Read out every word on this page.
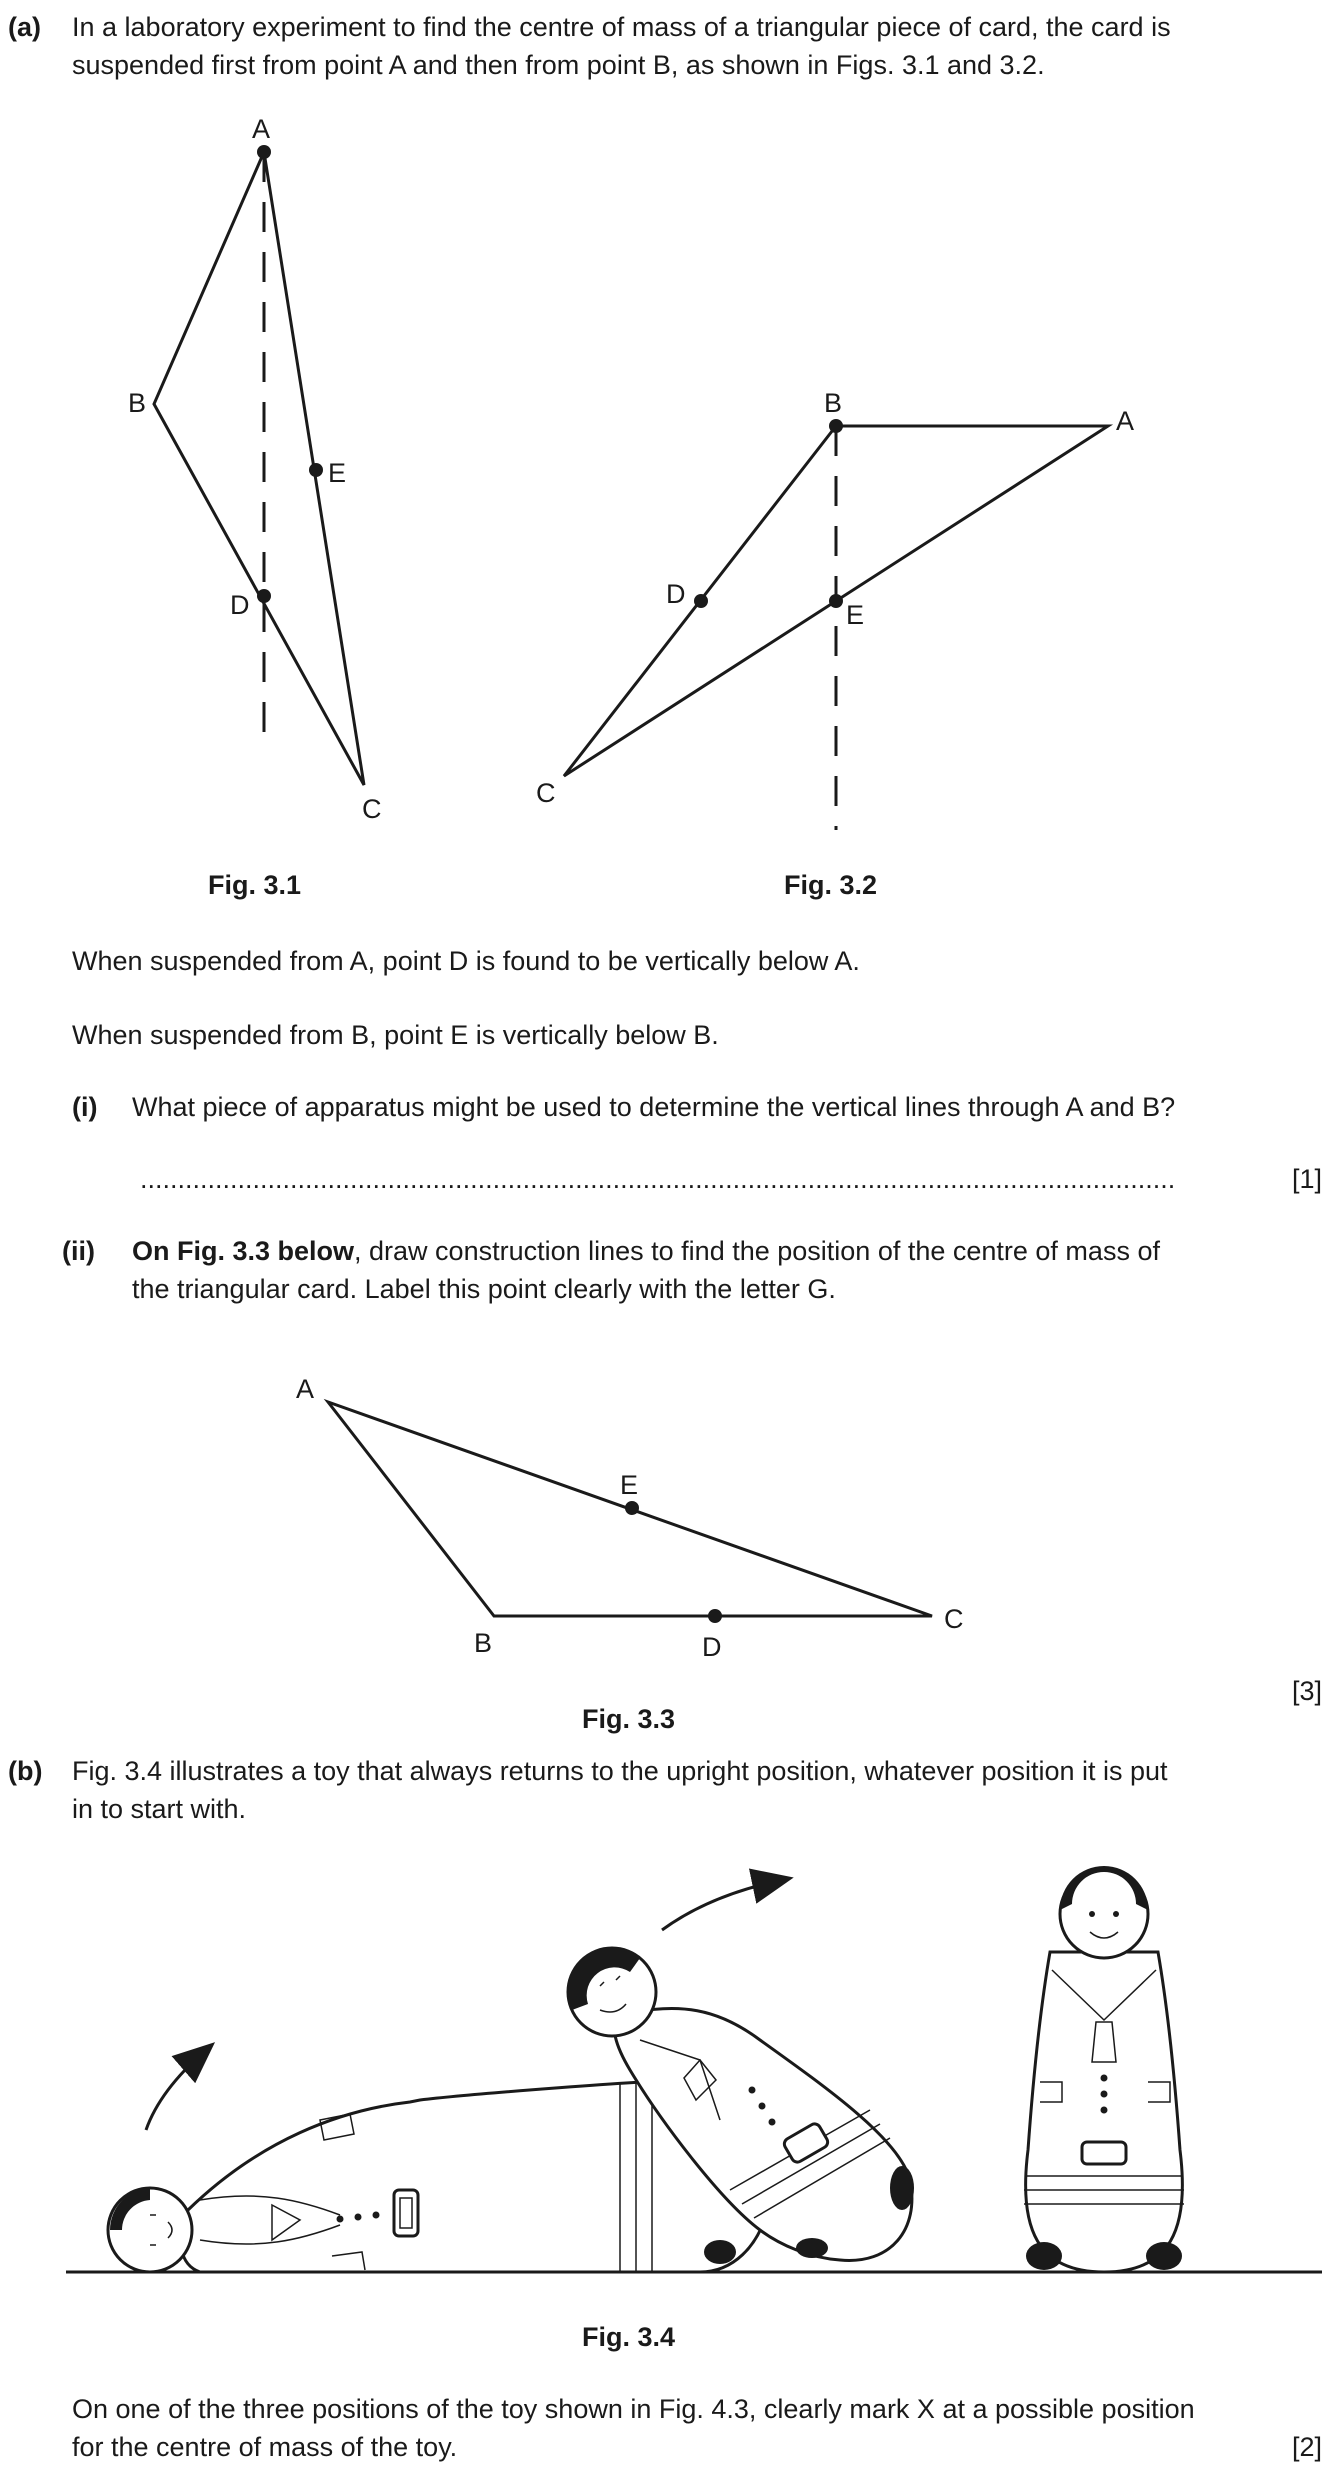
(a) In a laboratory experiment to find the centre of mass of a triangular piece of card, the card is
suspended first from point A and then from point B, as shown in Figs. 3.1 and 3.2.
A
B
E
D
C
B
A
D
E
C
Fig. 3.1	Fig. 3.2
When suspended from A, point D is found to be vertically below A.
When suspended from B, point E is vertically below B.
(i) What piece of apparatus might be used to determine the vertical lines through A and B?
..........................................................................................................................................	[1]
(ii) On Fig. 3.3 below, draw construction lines to find the position of the centre of mass of
the triangular card. Label this point clearly with the letter G.
A
E
B	D
C
[3]
Fig. 3.3
(b) Fig. 3.4 illustrates a toy that always returns to the upright position, whatever position it is put
in to start with.
Fig. 3.4
On one of the three positions of the toy shown in Fig. 4.3, clearly mark X at a possible position
for the centre of mass of the toy.	[2]
